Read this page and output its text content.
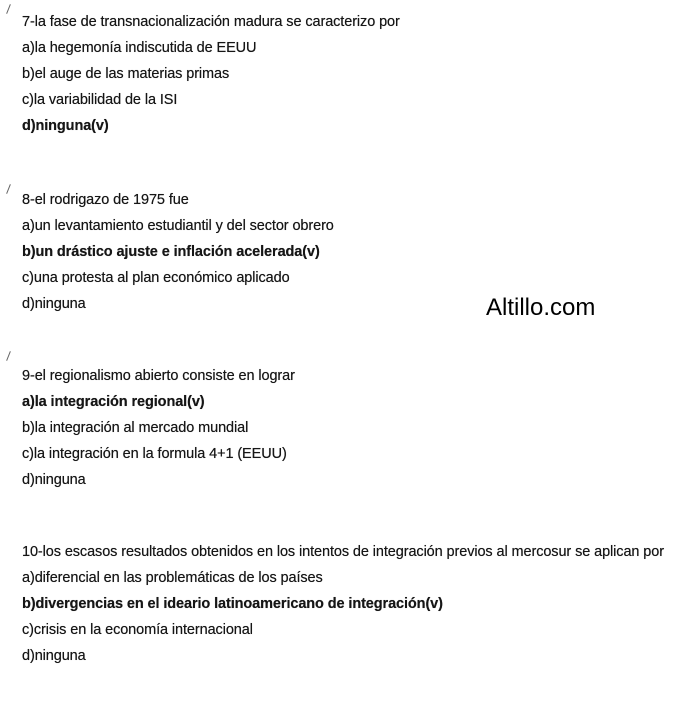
7-la fase de transnacionalización madura se caracterizo por
a)la hegemonía indiscutida de EEUU
b)el auge de las materias primas
c)la variabilidad de la ISI
d)ninguna(v)
8-el rodrigazo de 1975 fue
a)un levantamiento estudiantil y del sector obrero
b)un drástico ajuste e inflación acelerada(v)
c)una protesta al plan económico aplicado
d)ninguna
9-el regionalismo abierto consiste en lograr
a)la integración regional(v)
b)la integración al mercado mundial
c)la integración en la formula 4+1 (EEUU)
d)ninguna
10-los escasos resultados obtenidos en los intentos de integración previos al mercosur se aplican por
a)diferencial en las problemáticas de los países
b)divergencias en el ideario latinoamericano de integración(v)
c)crisis en la economía internacional
d)ninguna
Altillo.com
